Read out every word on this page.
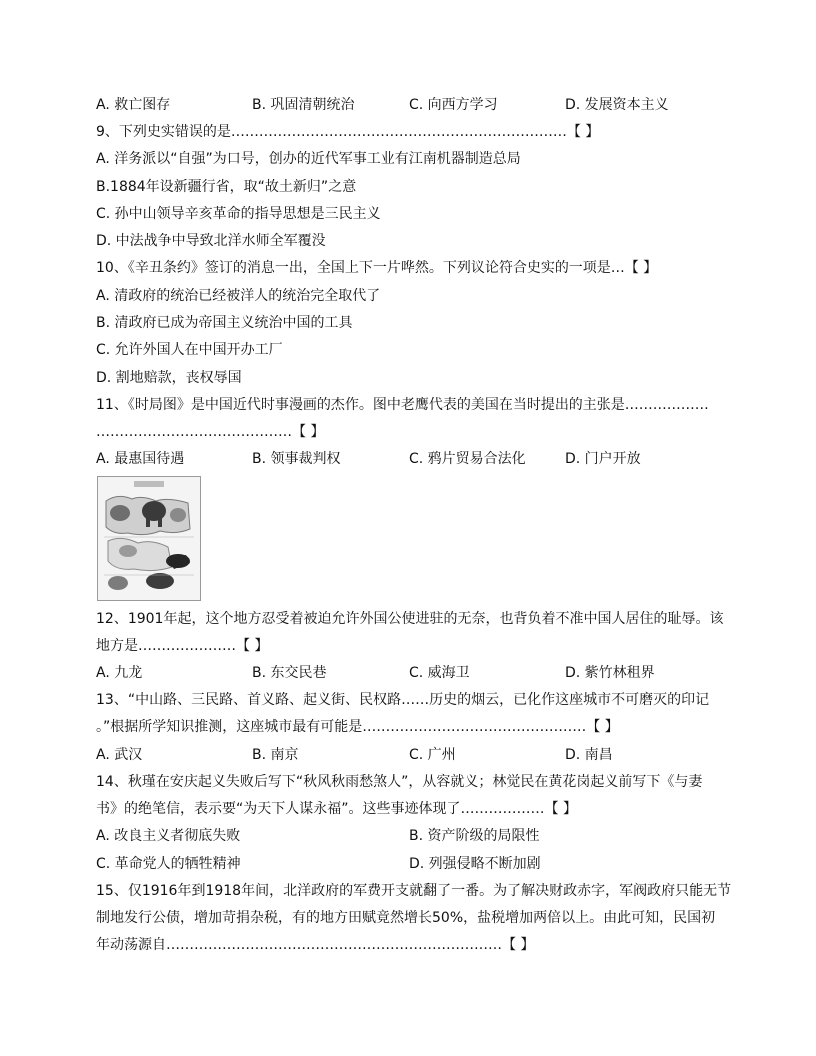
A. 救亡图存	B. 巩固清朝统治	C. 向西方学习	D. 发展资本主义
9、下列史实错误的是………………………………………………………………【 】
A. 洋务派以“自强”为口号，创办的近代军事工业有江南机器制造总局
B.1884年设新疆行省，取“故土新归”之意
C. 孙中山领导辛亥革命的指导思想是三民主义
D. 中法战争中导致北洋水师全军覆没
10、《辛丑条约》签订的消息一出，全国上下一片哗然。下列议论符合史实的一项是…【 】
A. 清政府的统治已经被洋人的统治完全取代了
B. 清政府已成为帝国主义统治中国的工具
C. 允许外国人在中国开办工厂
D. 割地赔款，丧权辱国
11、《时局图》是中国近代时事漫画的杰作。图中老鹰代表的美国在当时提出的主张是………………
……………………………………【 】
A. 最惠国待遇	B. 领事裁判权	C. 鸦片贸易合法化	D. 门户开放
12、1901年起，这个地方忍受着被迫允许外国公使进驻的无奈，也背负着不准中国人居住的耻辱。该
地方是…………………【 】
A. 九龙	B. 东交民巷	C. 威海卫	D. 紫竹林租界
13、“中山路、三民路、首义路、起义街、民权路……历史的烟云，已化作这座城市不可磨灭的印记
。”根据所学知识推测，这座城市最有可能是…………………………………………【 】
A. 武汉	B. 南京	C. 广州	D. 南昌
14、秋瑾在安庆起义失败后写下“秋风秋雨愁煞人”，从容就义；林觉民在黄花岗起义前写下《与妻
书》的绝笔信，表示要“为天下人谋永福”。这些事迹体现了………………【 】
A. 改良主义者彻底失败	B. 资产阶级的局限性
C. 革命党人的牺牲精神	D. 列强侵略不断加剧
15、仅1916年到1918年间，北洋政府的军费开支就翻了一番。为了解决财政赤字，军阀政府只能无节
制地发行公债，增加苛捐杂税，有的地方田赋竟然增长50%，盐税增加两倍以上。由此可知，民国初
年动荡源自………………………………………………………………【 】
